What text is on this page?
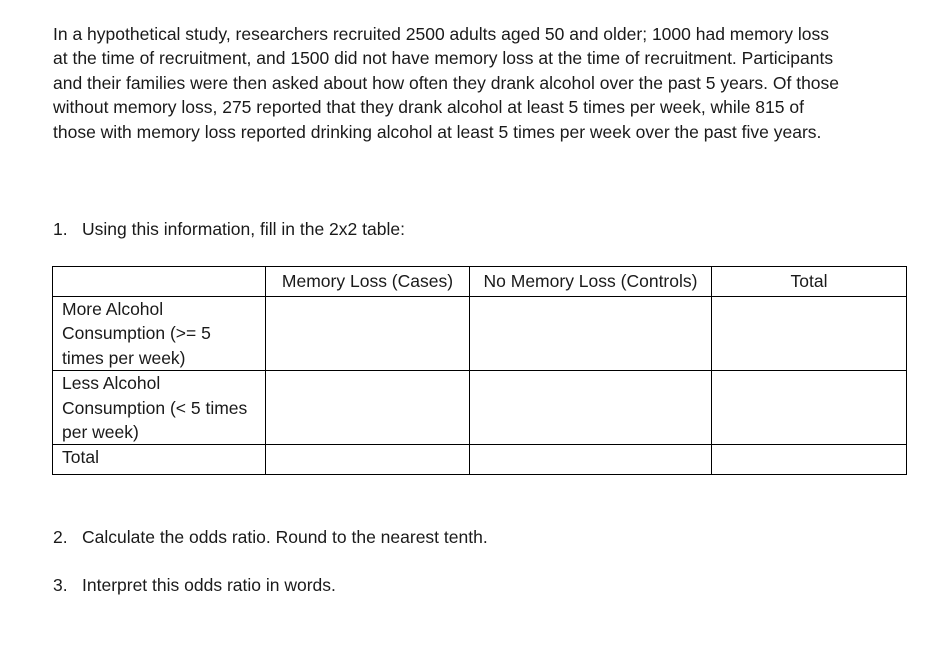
In a hypothetical study, researchers recruited 2500 adults aged 50 and older; 1000 had memory loss at the time of recruitment, and 1500 did not have memory loss at the time of recruitment. Participants and their families were then asked about how often they drank alcohol over the past 5 years. Of those without memory loss, 275 reported that they drank alcohol at least 5 times per week, while 815 of those with memory loss reported drinking alcohol at least 5 times per week over the past five years.

1. Using this information, fill in the 2x2 table:

	Memory Loss (Cases)	No Memory Loss (Controls)	Total
More Alcohol Consumption (>= 5 times per week)			
Less Alcohol Consumption (< 5 times per week)			
Total			

2. Calculate the odds ratio. Round to the nearest tenth.

3. Interpret this odds ratio in words.
